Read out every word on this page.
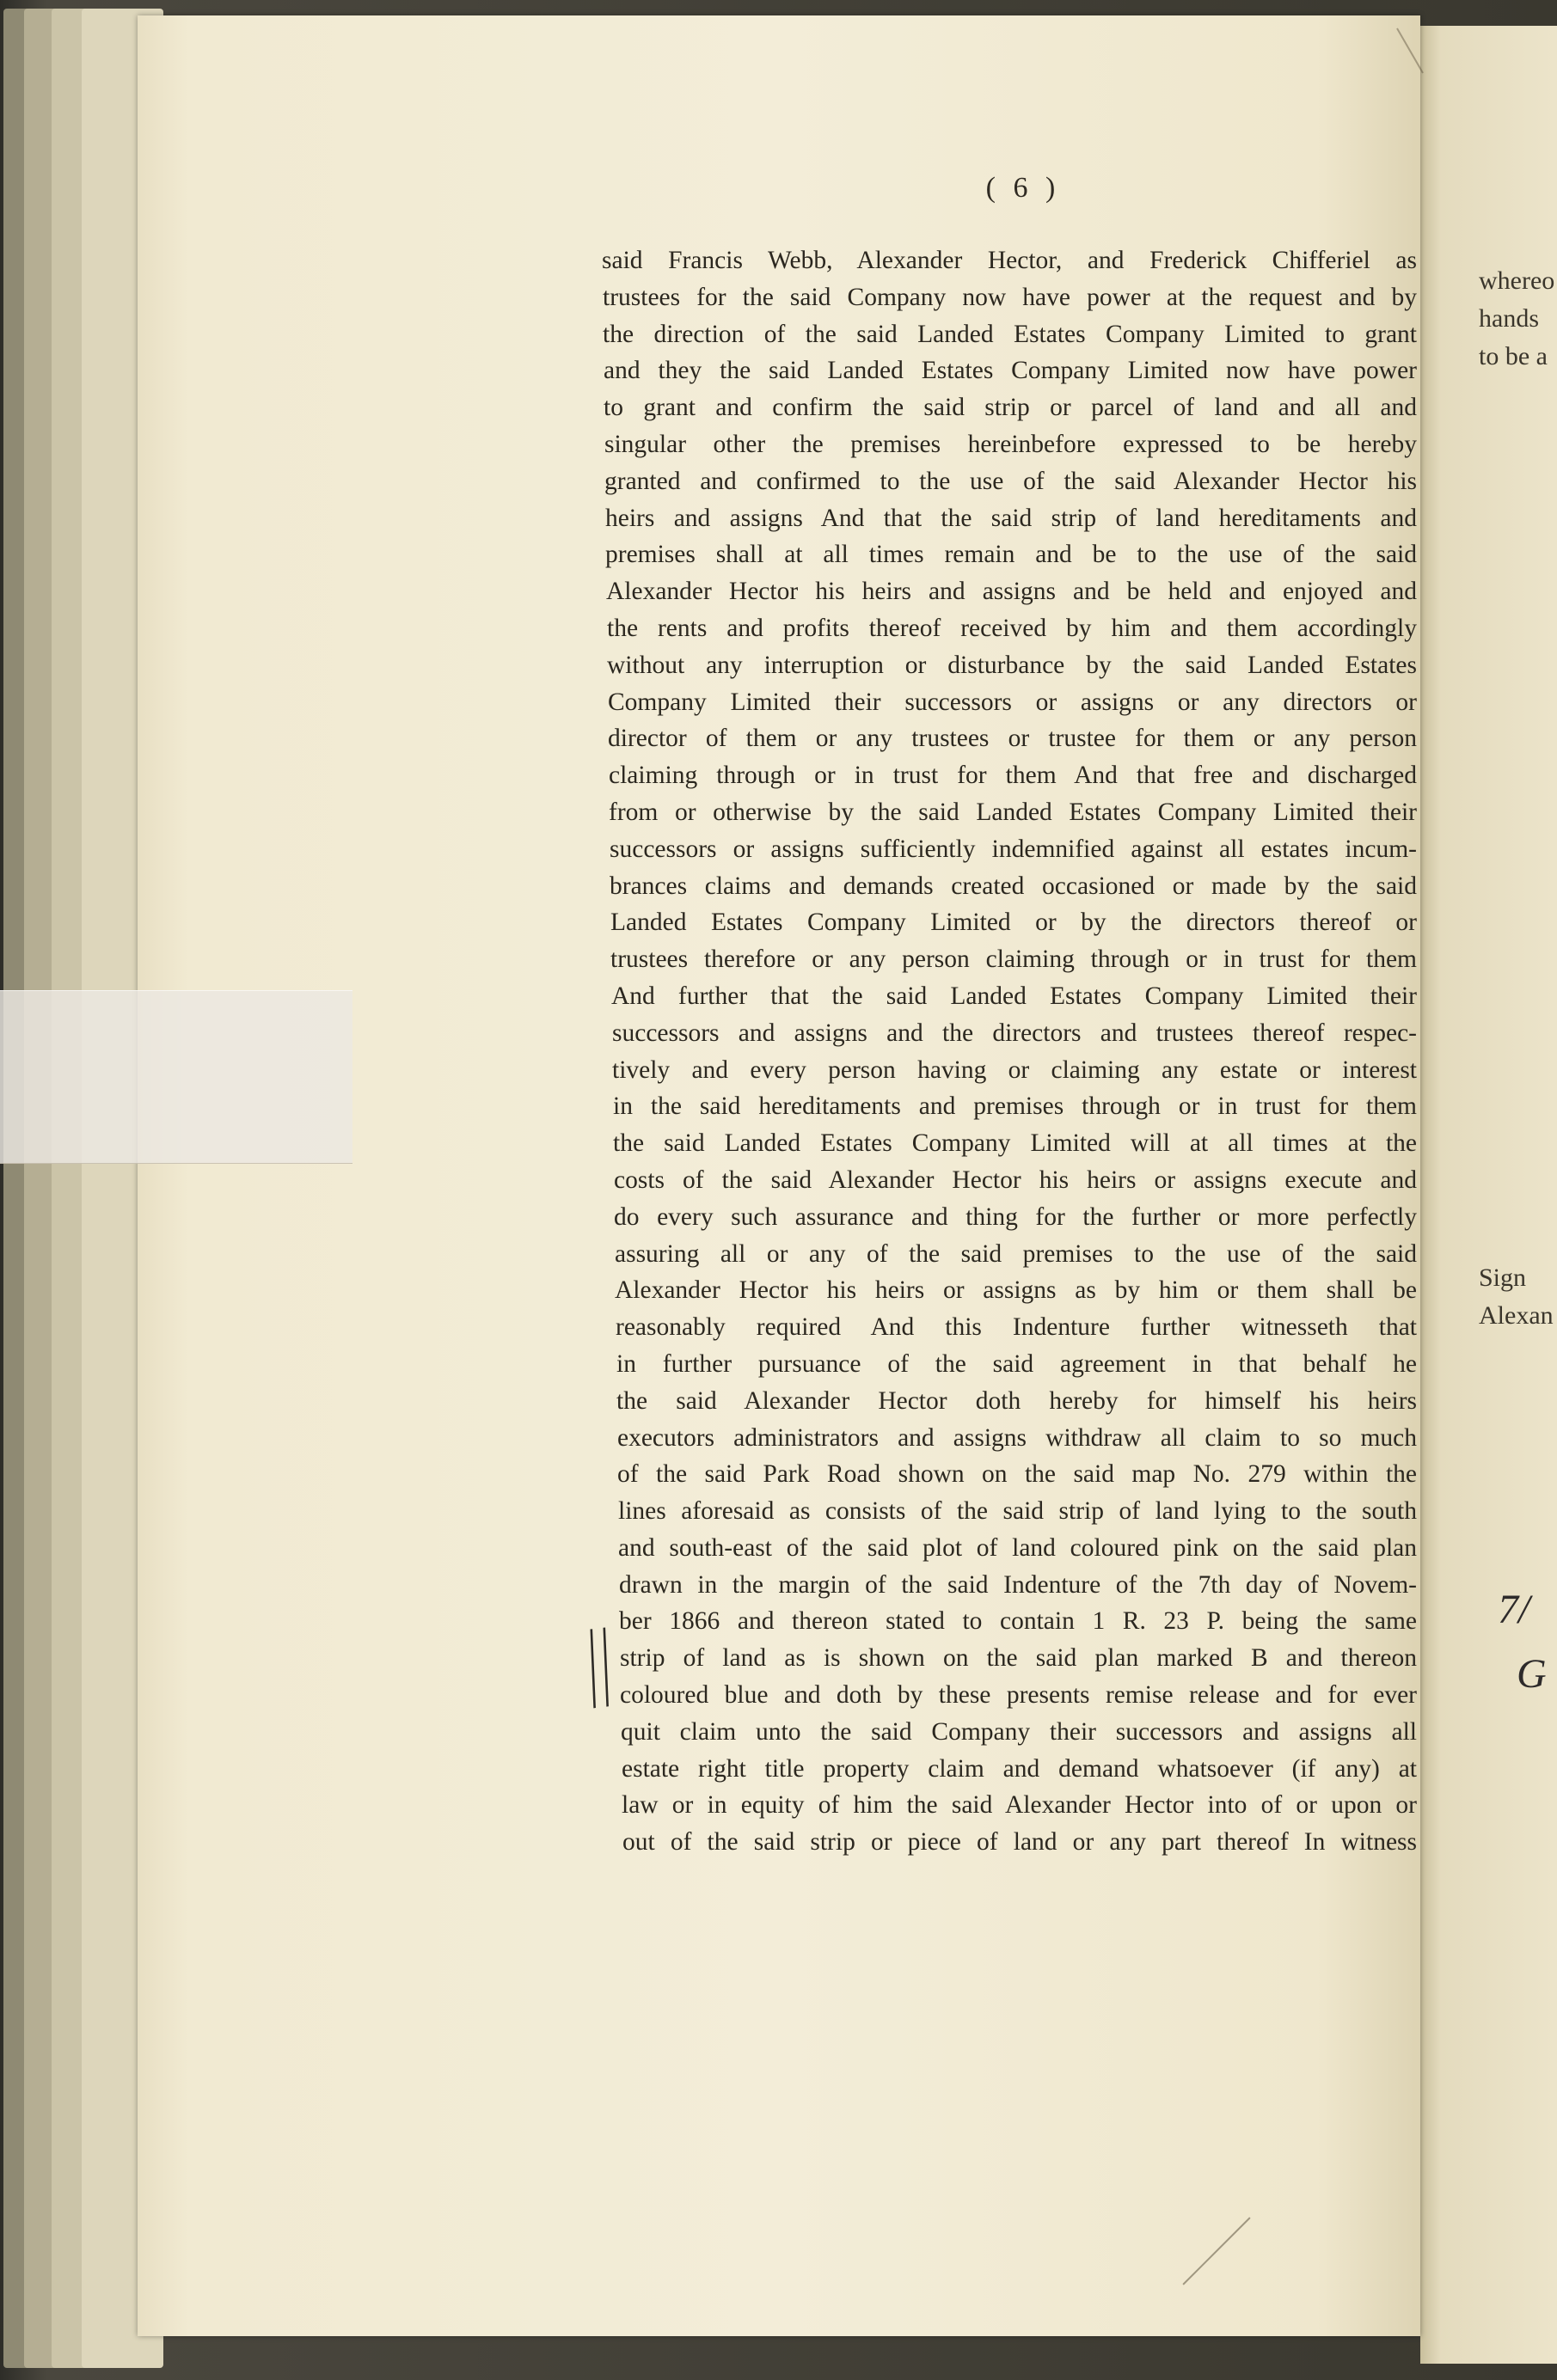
whereo
hands
to be a
Sign
Alexan
7/
G
( 6 )
||
said Francis Webb, Alexander Hector, and Frederick Chifferiel as
trustees for the said Company now have power at the request and by
the direction of the said Landed Estates Company Limited to grant
and they the said Landed Estates Company Limited now have power
to grant and confirm the said strip or parcel of land and all and
singular other the premises hereinbefore expressed to be hereby
granted and confirmed to the use of the said Alexander Hector his
heirs and assigns And that the said strip of land hereditaments and
premises shall at all times remain and be to the use of the said
Alexander Hector his heirs and assigns and be held and enjoyed and
the rents and profits thereof received by him and them accordingly
without any interruption or disturbance by the said Landed Estates
Company Limited their successors or assigns or any directors or
director of them or any trustees or trustee for them or any person
claiming through or in trust for them And that free and discharged
from or otherwise by the said Landed Estates Company Limited their
successors or assigns sufficiently indemnified against all estates incum-
brances claims and demands created occasioned or made by the said
Landed Estates Company Limited or by the directors thereof or
trustees therefore or any person claiming through or in trust for them
And further that the said Landed Estates Company Limited their
successors and assigns and the directors and trustees thereof respec-
tively and every person having or claiming any estate or interest
in the said hereditaments and premises through or in trust for them
the said Landed Estates Company Limited will at all times at the
costs of the said Alexander Hector his heirs or assigns execute and
do every such assurance and thing for the further or more perfectly
assuring all or any of the said premises to the use of the said
Alexander Hector his heirs or assigns as by him or them shall be
reasonably required And this Indenture further witnesseth that
in further pursuance of the said agreement in that behalf he
the said Alexander Hector doth hereby for himself his heirs
executors administrators and assigns withdraw all claim to so much
of the said Park Road shown on the said map No. 279 within the
lines aforesaid as consists of the said strip of land lying to the south
and south-east of the said plot of land coloured pink on the said plan
drawn in the margin of the said Indenture of the 7th day of Novem-
ber 1866 and thereon stated to contain 1 R. 23 P. being the same
strip of land as is shown on the said plan marked B and thereon
coloured blue and doth by these presents remise release and for ever
quit claim unto the said Company their successors and assigns all
estate right title property claim and demand whatsoever (if any) at
law or in equity of him the said Alexander Hector into of or upon or
out of the said strip or piece of land or any part thereof In witness
